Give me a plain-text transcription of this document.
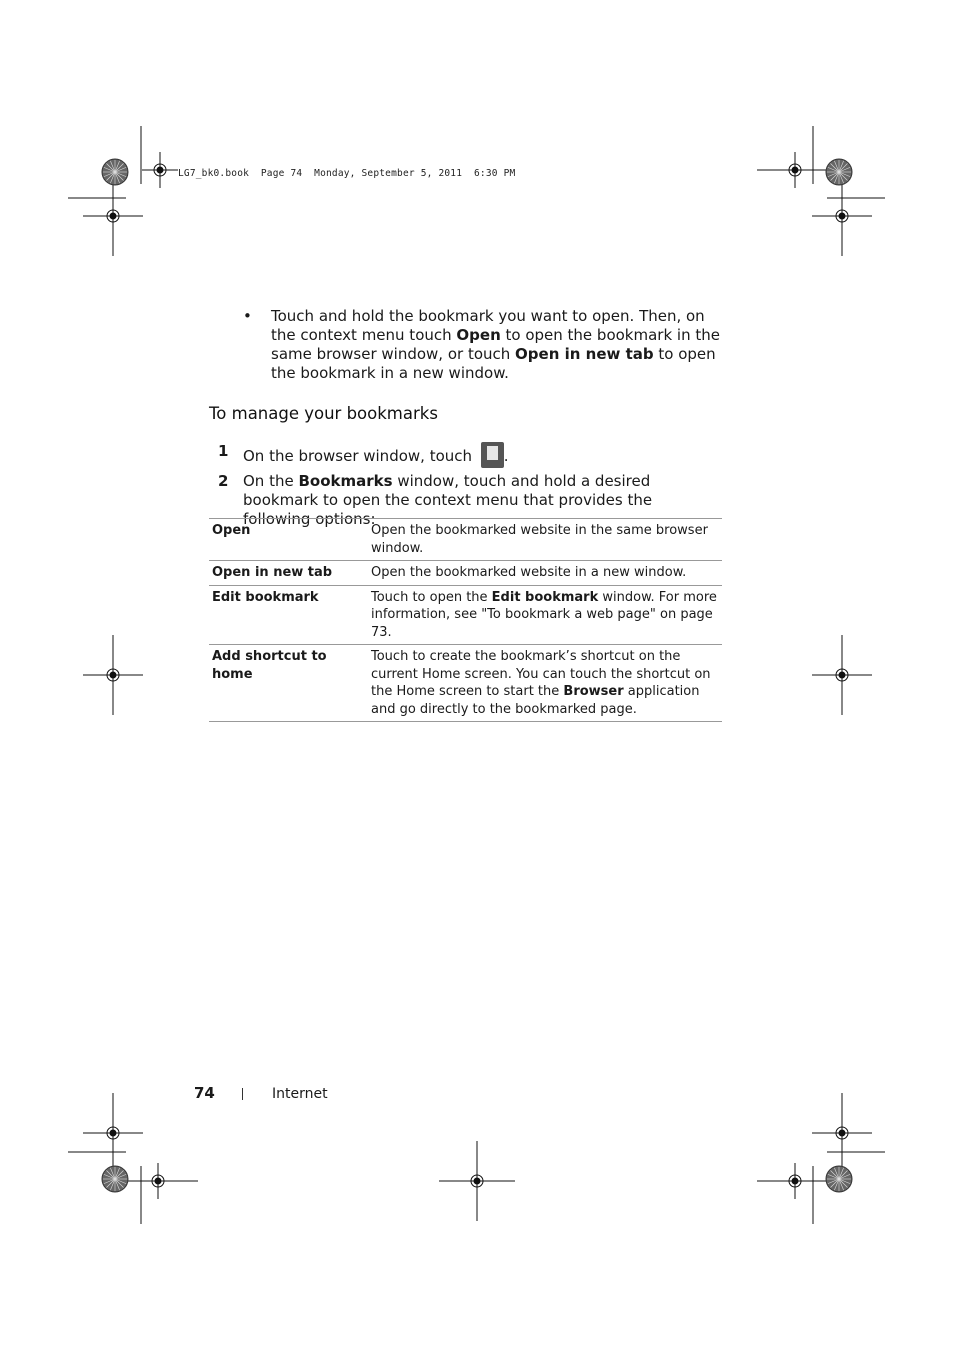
LG7_bk0.book  Page 74  Monday, September 5, 2011  6:30 PM
• Touch and hold the bookmark you want to open. Then, on the context menu touch Open to open the bookmark in the same browser window, or touch Open in new tab to open the bookmark in a new window.
To manage your bookmarks
1 On the browser window, touch .
2 On the Bookmarks window, touch and hold a desired bookmark to open the context menu that provides the following options:
Open	Open the bookmarked website in the same browser window.
Open in new tab	Open the bookmarked website in a new window.
Edit bookmark	Touch to open the Edit bookmark window. For more information, see "To bookmark a web page" on page 73.
Add shortcut to home	Touch to create the bookmark’s shortcut on the current Home screen. You can touch the shortcut on the Home screen to start the Browser application and go directly to the bookmarked page.
74	Internet
